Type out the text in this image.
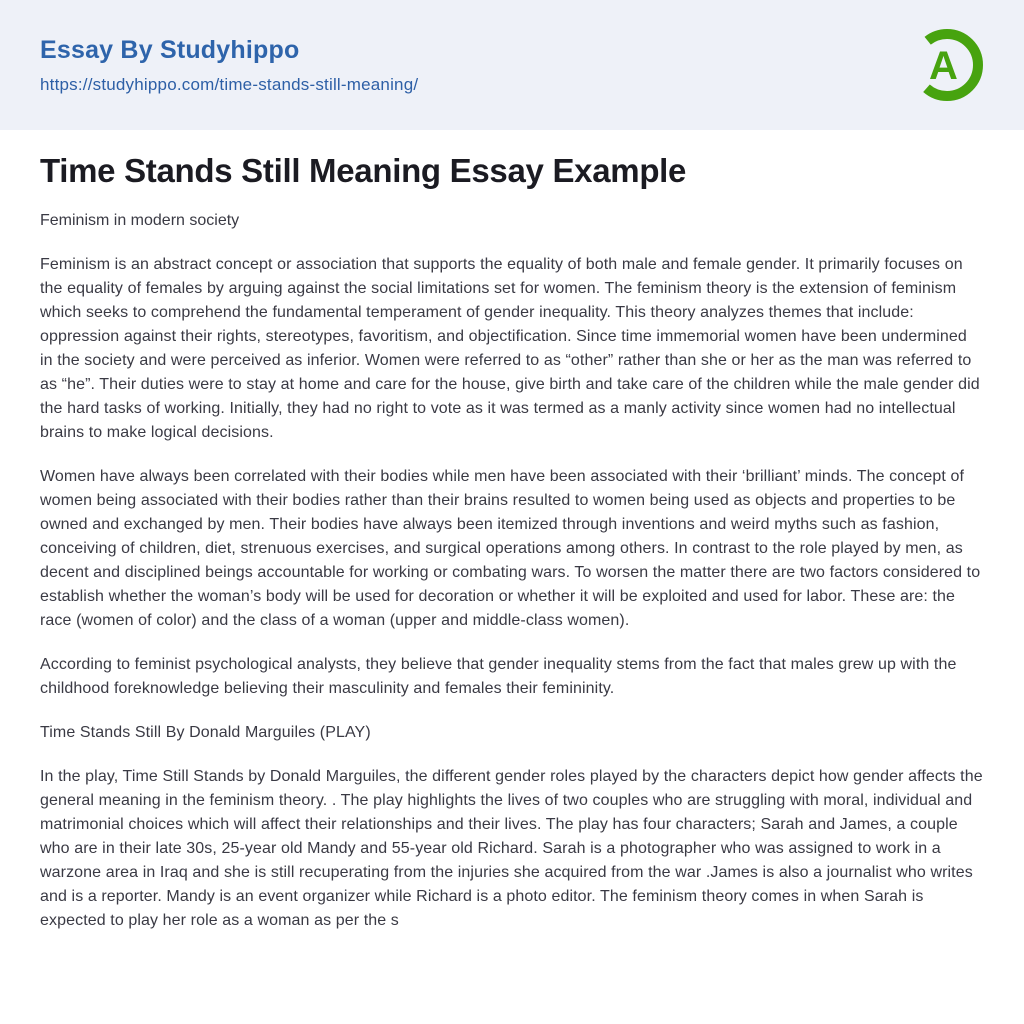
Essay By Studyhippo
https://studyhippo.com/time-stands-still-meaning/	A
Time Stands Still Meaning Essay Example

Feminism in modern society

Feminism is an abstract concept or association that supports the equality of both male and female gender. It primarily focuses on the equality of females by arguing against the social limitations set for women. The feminism theory is the extension of feminism which seeks to comprehend the fundamental temperament of gender inequality. This theory analyzes themes that include: oppression against their rights, stereotypes, favoritism, and objectification. Since time immemorial women have been undermined in the society and were perceived as inferior. Women were referred to as “other” rather than she or her as the man was referred to as “he”. Their duties were to stay at home and care for the house, give birth and take care of the children while the male gender did the hard tasks of working. Initially, they had no right to vote as it was termed as a manly activity since women had no intellectual brains to make logical decisions.

Women have always been correlated with their bodies while men have been associated with their ‘brilliant’ minds. The concept of women being associated with their bodies rather than their brains resulted to women being used as objects and properties to be owned and exchanged by men. Their bodies have always been itemized through inventions and weird myths such as fashion, conceiving of children, diet, strenuous exercises, and surgical operations among others. In contrast to the role played by men, as decent and disciplined beings accountable for working or combating wars. To worsen the matter there are two factors considered to establish whether the woman’s body will be used for decoration or whether it will be exploited and used for labor. These are: the race (women of color) and the class of a woman (upper and middle-class women).

According to feminist psychological analysts, they believe that gender inequality stems from the fact that males grew up with the childhood foreknowledge believing their masculinity and females their femininity.

Time Stands Still By Donald Marguiles (PLAY)

In the play, Time Still Stands by Donald Marguiles, the different gender roles played by the characters depict how gender affects the general meaning in the feminism theory. . The play highlights the lives of two couples who are struggling with moral, individual and matrimonial choices which will affect their relationships and their lives. The play has four characters; Sarah and James, a couple who are in their late 30s, 25-year old Mandy and 55-year old Richard. Sarah is a photographer who was assigned to work in a warzone area in Iraq and she is still recuperating from the injuries she acquired from the war .James is also a journalist who writes and is a reporter. Mandy is an event organizer while Richard is a photo editor. The feminism theory comes in when Sarah is expected to play her role as a woman as per the s
